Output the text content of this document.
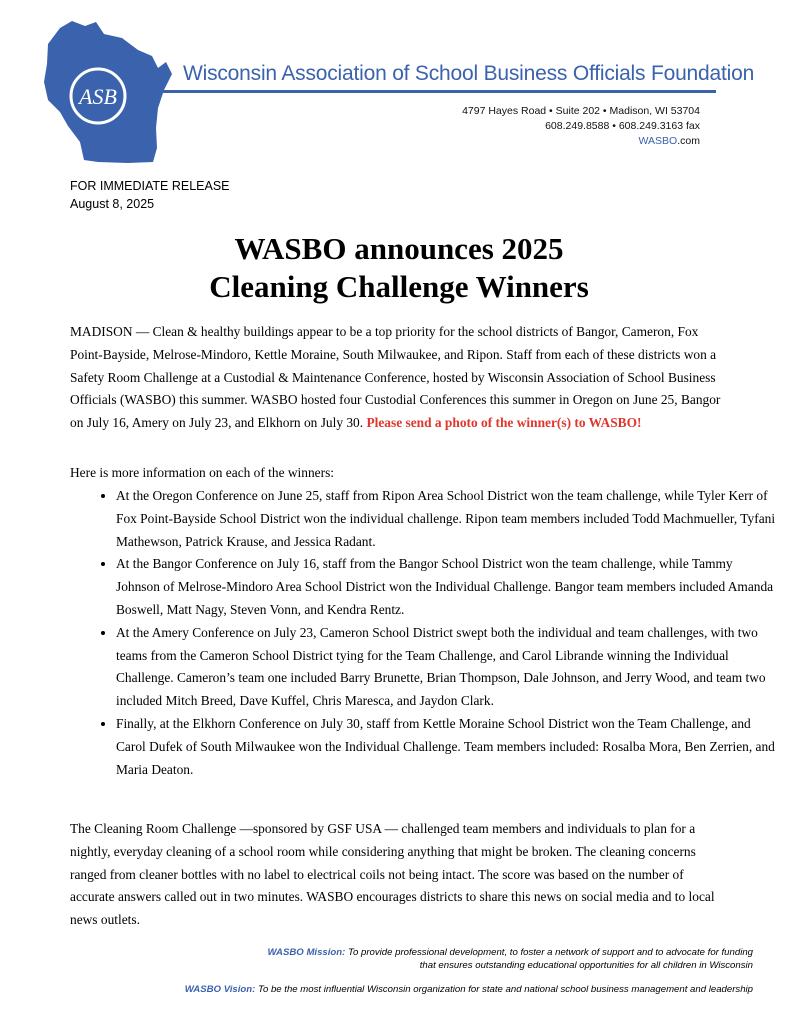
ASB
Wisconsin Association of School Business Officials Foundation
4797 Hayes Road • Suite 202 • Madison, WI 53704
608.249.8588 • 608.249.3163 fax
WASBO.com
FOR IMMEDIATE RELEASE
August 8, 2025
WASBO announces 2025
Cleaning Challenge Winners
MADISON — Clean & healthy buildings appear to be a top priority for the school districts of Bangor, Cameron, Fox Point-Bayside, Melrose-Mindoro, Kettle Moraine, South Milwaukee, and Ripon. Staff from each of these districts won a Safety Room Challenge at a Custodial & Maintenance Conference, hosted by Wisconsin Association of School Business Officials (WASBO) this summer. WASBO hosted four Custodial Conferences this summer in Oregon on June 25, Bangor on July 16, Amery on July 23, and Elkhorn on July 30. Please send a photo of the winner(s) to WASBO!
Here is more information on each of the winners:
• At the Oregon Conference on June 25, staff from Ripon Area School District won the team challenge, while Tyler Kerr of Fox Point-Bayside School District won the individual challenge. Ripon team members included Todd Machmueller, Tyfani Mathewson, Patrick Krause, and Jessica Radant.
• At the Bangor Conference on July 16, staff from the Bangor School District won the team challenge, while Tammy Johnson of Melrose-Mindoro Area School District won the Individual Challenge. Bangor team members included Amanda Boswell, Matt Nagy, Steven Vonn, and Kendra Rentz.
• At the Amery Conference on July 23, Cameron School District swept both the individual and team challenges, with two teams from the Cameron School District tying for the Team Challenge, and Carol Librande winning the Individual Challenge. Cameron’s team one included Barry Brunette, Brian Thompson, Dale Johnson, and Jerry Wood, and team two included Mitch Breed, Dave Kuffel, Chris Maresca, and Jaydon Clark.
• Finally, at the Elkhorn Conference on July 30, staff from Kettle Moraine School District won the Team Challenge, and Carol Dufek of South Milwaukee won the Individual Challenge. Team members included: Rosalba Mora, Ben Zerrien, and Maria Deaton.
The Cleaning Room Challenge —sponsored by GSF USA — challenged team members and individuals to plan for a nightly, everyday cleaning of a school room while considering anything that might be broken. The cleaning concerns ranged from cleaner bottles with no label to electrical coils not being intact. The score was based on the number of accurate answers called out in two minutes. WASBO encourages districts to share this news on social media and to local news outlets.
WASBO Mission: To provide professional development, to foster a network of support and to advocate for funding
that ensures outstanding educational opportunities for all children in Wisconsin
WASBO Vision: To be the most influential Wisconsin organization for state and national school business management and leadership
